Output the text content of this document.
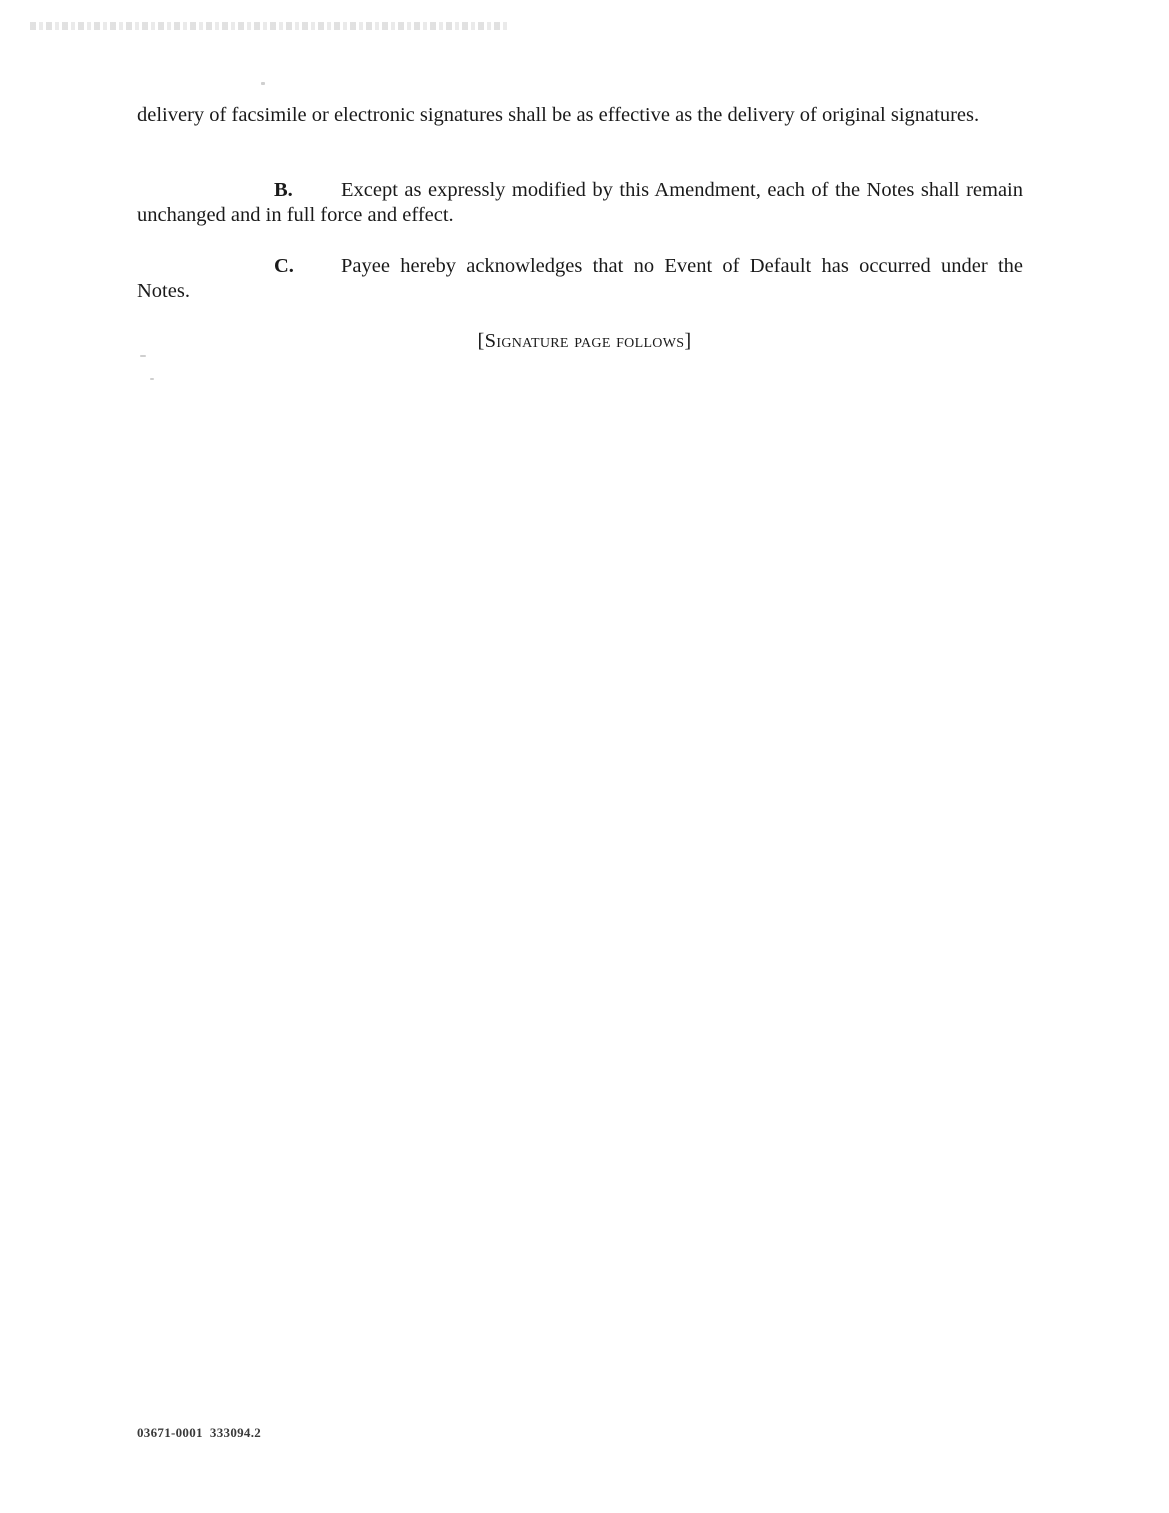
delivery of facsimile or electronic signatures shall be as effective as the delivery of original signatures.

B. Except as expressly modified by this Amendment, each of the Notes shall remain unchanged and in full force and effect.

C. Payee hereby acknowledges that no Event of Default has occurred under the Notes.

[Signature page follows]
03671-0001  333094.2
